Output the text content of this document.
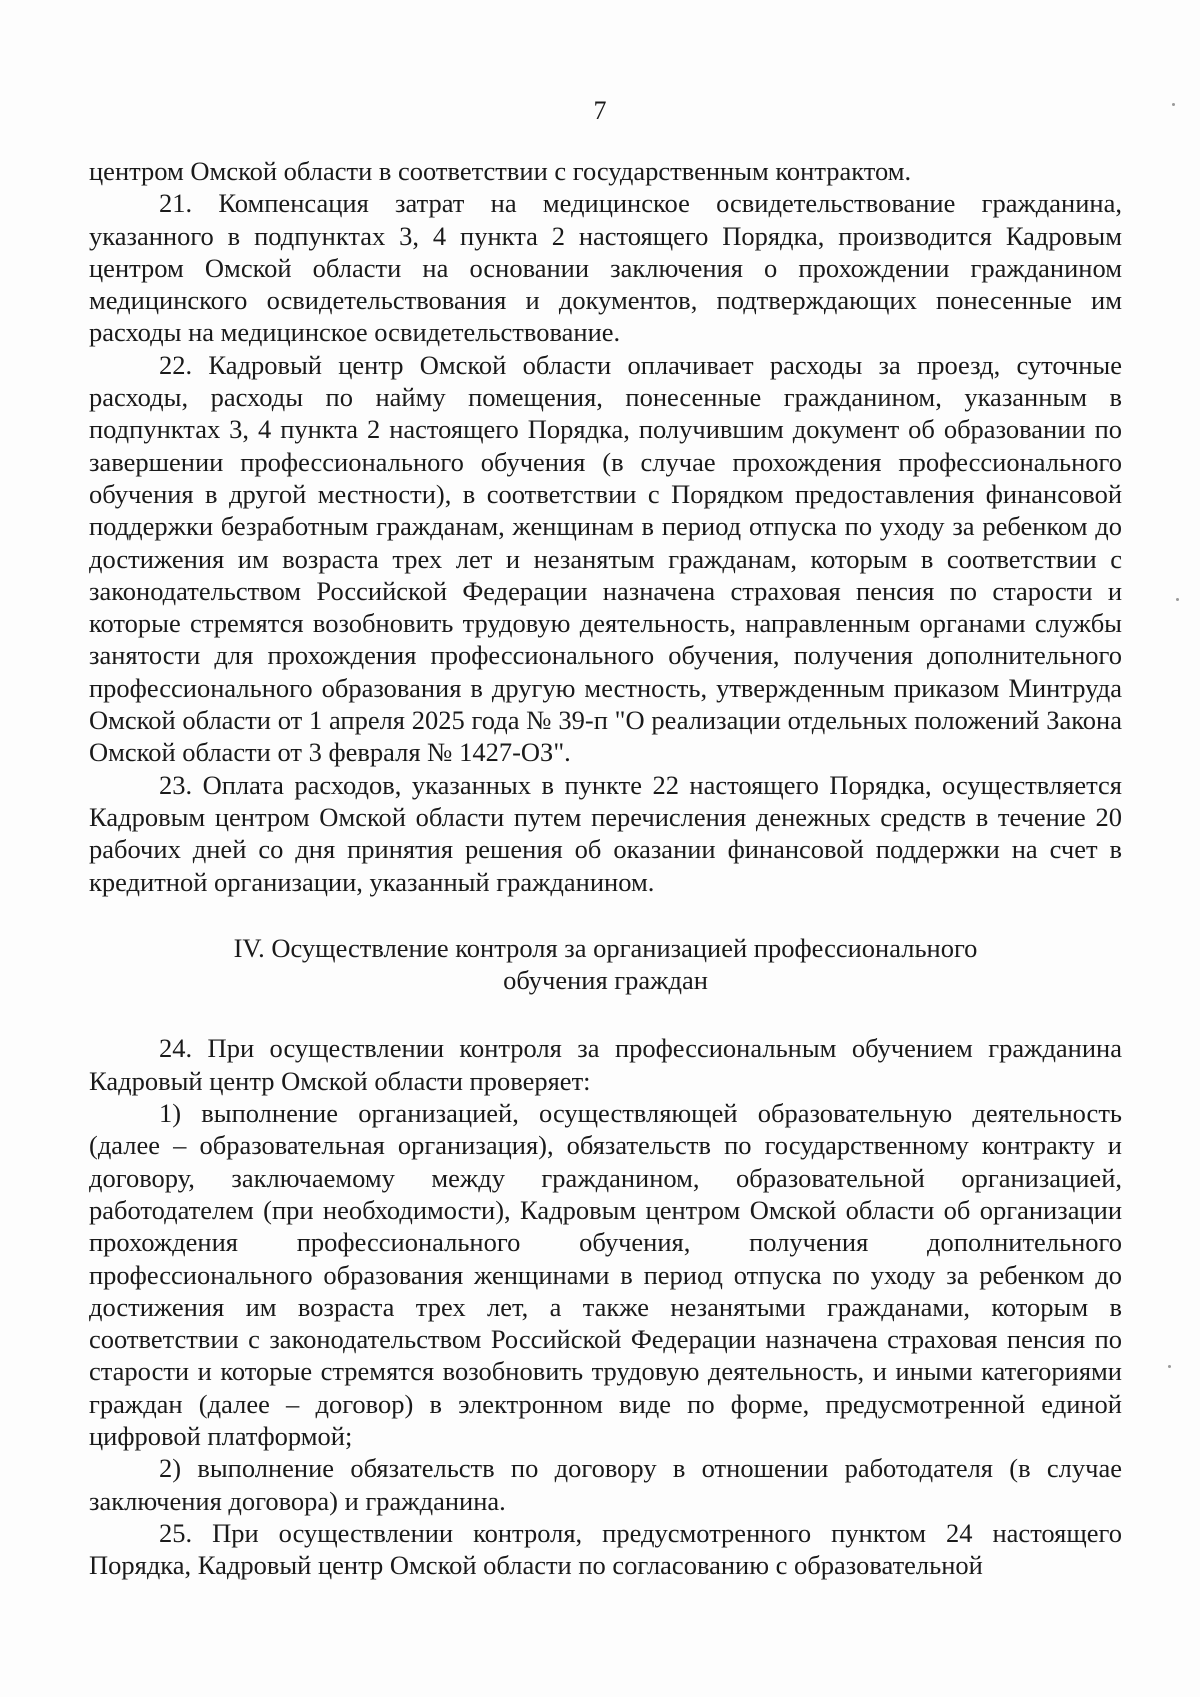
7

центром Омской области в соответствии с государственным контрактом.

21. Компенсация затрат на медицинское освидетельствование гражданина, указанного в подпунктах 3, 4 пункта 2 настоящего Порядка, производится Кадровым центром Омской области на основании заключения о прохождении гражданином медицинского освидетельствования и документов, подтверждающих понесенные им расходы на медицинское освидетельствование.

22. Кадровый центр Омской области оплачивает расходы за проезд, суточные расходы, расходы по найму помещения, понесенные гражданином, указанным в подпунктах 3, 4 пункта 2 настоящего Порядка, получившим документ об образовании по завершении профессионального обучения (в случае прохождения профессионального обучения в другой местности), в соответствии с Порядком предоставления финансовой поддержки безработным гражданам, женщинам в период отпуска по уходу за ребенком до достижения им возраста трех лет и незанятым гражданам, которым в соответствии с законодательством Российской Федерации назначена страховая пенсия по старости и которые стремятся возобновить трудовую деятельность, направленным органами службы занятости для прохождения профессионального обучения, получения дополнительного профессионального образования в другую местность, утвержденным приказом Минтруда Омской области от 1 апреля 2025 года № 39-п "О реализации отдельных положений Закона Омской области от 3 февраля № 1427-ОЗ".

23. Оплата расходов, указанных в пункте 22 настоящего Порядка, осуществляется Кадровым центром Омской области путем перечисления денежных средств в течение 20 рабочих дней со дня принятия решения об оказании финансовой поддержки на счет в кредитной организации, указанный гражданином.

IV. Осуществление контроля за организацией профессионального
обучения граждан

24. При осуществлении контроля за профессиональным обучением гражданина Кадровый центр Омской области проверяет:

1) выполнение организацией, осуществляющей образовательную деятельность (далее – образовательная организация), обязательств по государственному контракту и договору, заключаемому между гражданином, образовательной организацией, работодателем (при необходимости), Кадровым центром Омской области об организации прохождения профессионального обучения, получения дополнительного профессионального образования женщинами в период отпуска по уходу за ребенком до достижения им возраста трех лет, а также незанятыми гражданами, которым в соответствии с законодательством Российской Федерации назначена страховая пенсия по старости и которые стремятся возобновить трудовую деятельность, и иными категориями граждан (далее – договор) в электронном виде по форме, предусмотренной единой цифровой платформой;

2) выполнение обязательств по договору в отношении работодателя (в случае заключения договора) и гражданина.

25. При осуществлении контроля, предусмотренного пунктом 24 настоящего Порядка, Кадровый центр Омской области по согласованию с образовательной
